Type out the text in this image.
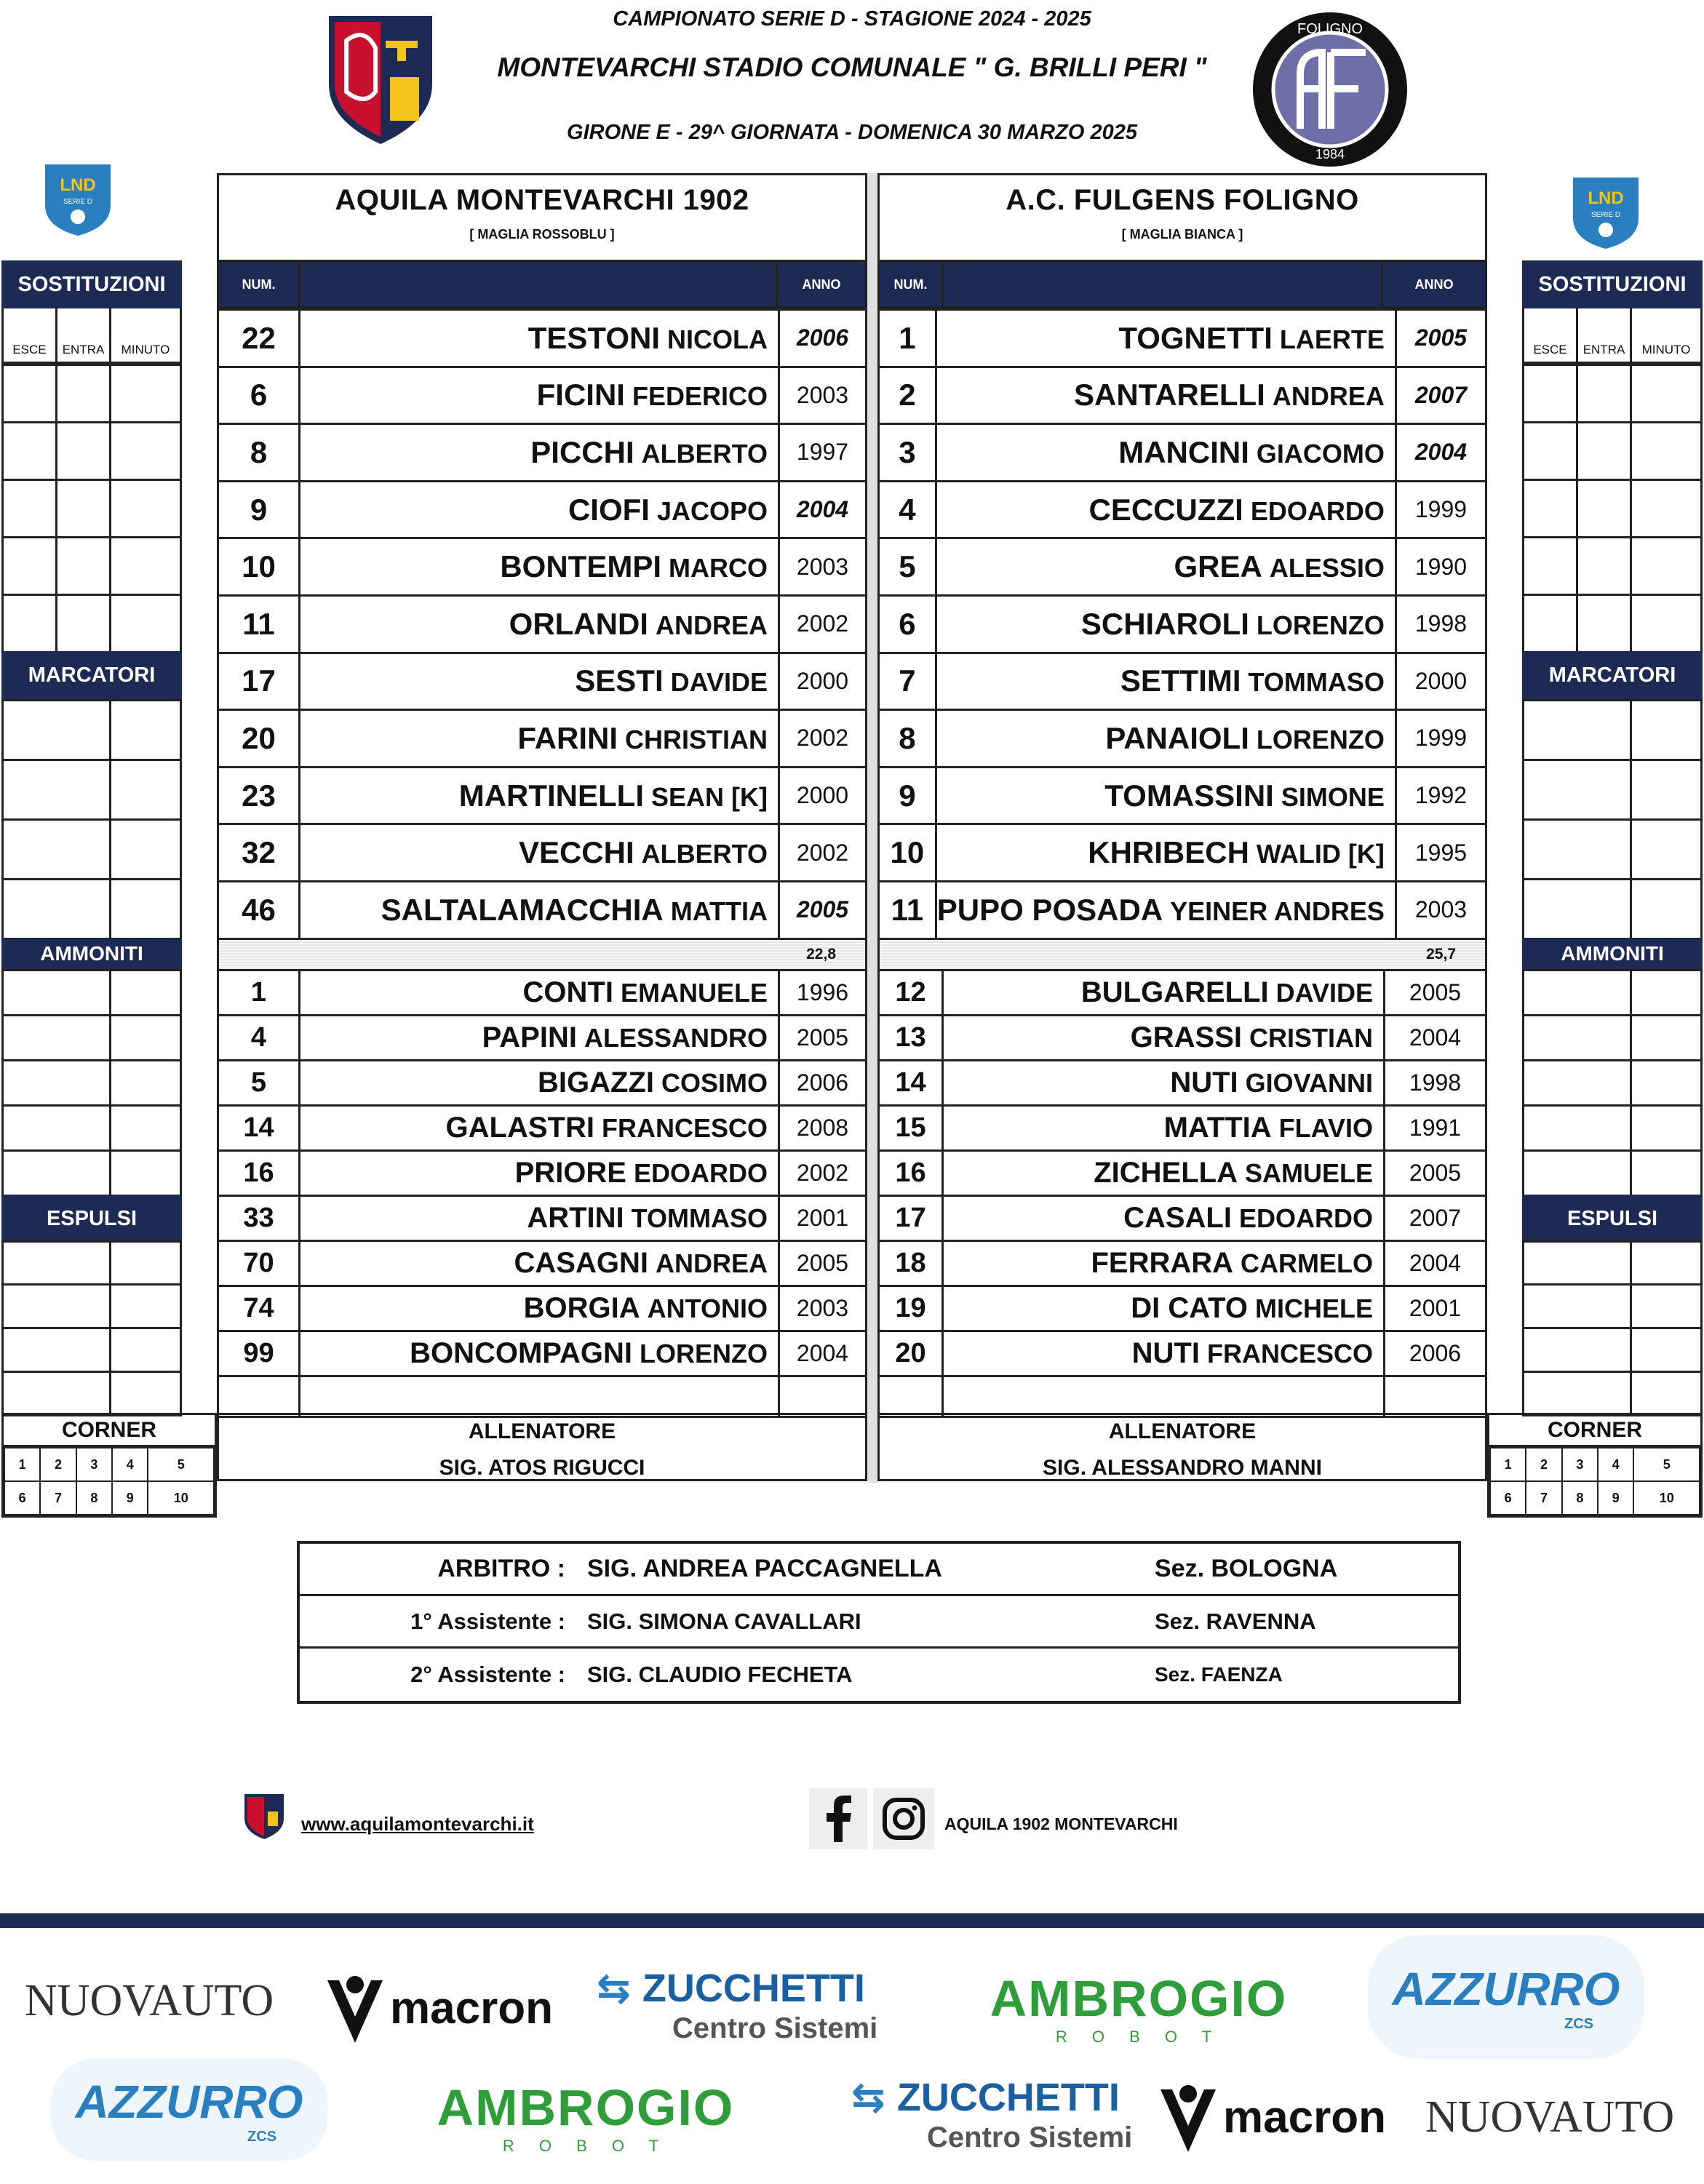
CAMPIONATO SERIE D - STAGIONE 2024 - 2025
MONTEVARCHI STADIO COMUNALE " G. BRILLI PERI "
GIRONE E - 29^ GIORNATA - DOMENICA 30 MARZO 2025
FOLIGNO
1984
LND
SERIE D	LND
SERIE D
AQUILA MONTEVARCHI 1902
[ MAGLIA ROSSOBLU ]
A.C. FULGENS FOLIGNO
[ MAGLIA BIANCA ]
NUM.	ANNO	NUM.	ANNO
22	TESTONI NICOLA	2006
6	FICINI FEDERICO	2003
8	PICCHI ALBERTO	1997
9	CIOFI JACOPO	2004
10	BONTEMPI MARCO	2003
11	ORLANDI ANDREA	2002
17	SESTI DAVIDE	2000
20	FARINI CHRISTIAN	2002
23	MARTINELLI SEAN [K]	2000
32	VECCHI ALBERTO	2002
46	SALTALAMACCHIA MATTIA	2005
22,8
1	CONTI EMANUELE	1996
4	PAPINI ALESSANDRO	2005
5	BIGAZZI COSIMO	2006
14	GALASTRI FRANCESCO	2008
16	PRIORE EDOARDO	2002
33	ARTINI TOMMASO	2001
70	CASAGNI ANDREA	2005
74	BORGIA ANTONIO	2003
99	BONCOMPAGNI LORENZO	2004

1	TOGNETTI LAERTE	2005
2	SANTARELLI ANDREA	2007
3	MANCINI GIACOMO	2004
4	CECCUZZI EDOARDO	1999
5	GREA ALESSIO	1990
6	SCHIAROLI LORENZO	1998
7	SETTIMI TOMMASO	2000
8	PANAIOLI LORENZO	1999
9	TOMASSINI SIMONE	1992
10	KHRIBECH WALID [K]	1995
11	PUPO POSADA YEINER ANDRES	2003
25,7
12	BULGARELLI DAVIDE	2005
13	GRASSI CRISTIAN	2004
14	NUTI GIOVANNI	1998
15	MATTIA FLAVIO	1991
16	ZICHELLA SAMUELE	2005
17	CASALI EDOARDO	2007
18	FERRARA CARMELO	2004
19	DI CATO MICHELE	2001
20	NUTI FRANCESCO	2006

ALLENATORE
SIG. ATOS RIGUCCI
ALLENATORE
SIG. ALESSANDRO MANNI
SOSTITUZIONI
ESCE	ENTRA	MINUTO

MARCATORI

AMMONITI

ESPULSI

SOSTITUZIONI
ESCE	ENTRA	MINUTO

MARCATORI

AMMONITI

ESPULSI

CORNER
1	2	3	4	5
6	7	8	9	10
CORNER
1	2	3	4	5
6	7	8	9	10
ARBITRO : SIG. ANDREA PACCAGNELLA	Sez. BOLOGNA
1° Assistente : SIG. SIMONA CAVALLARI	Sez. RAVENNA
2° Assistente : SIG. CLAUDIO FECHETA	Sez. FAENZA
www.aquilamontevarchi.it	AQUILA 1902 MONTEVARCHI
NUOVAUTO	macron ⇆ ZUCCHETTI
Centro Sistemi
AMBROGIO
R O B O T
AZZURRO
ZCS
AZZURRO
ZCS
AMBROGIO
R O B O T
⇆ ZUCCHETTI
Centro Sistemi macron NUOVAUTO
